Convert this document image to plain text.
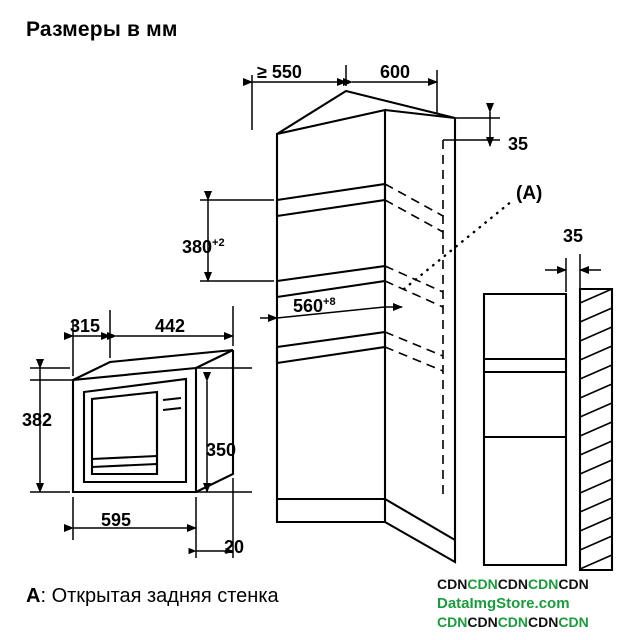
Размеры в мм
≥ 550	600
35
35
$380^{+2}$
$560^{+8}$
315	442
382
350
595
20
(A)
A: Открытая задняя стенка
CDNCDNCDNCDNCDN
DataImgStore.com
CDNCDNCDNCDNCDN
